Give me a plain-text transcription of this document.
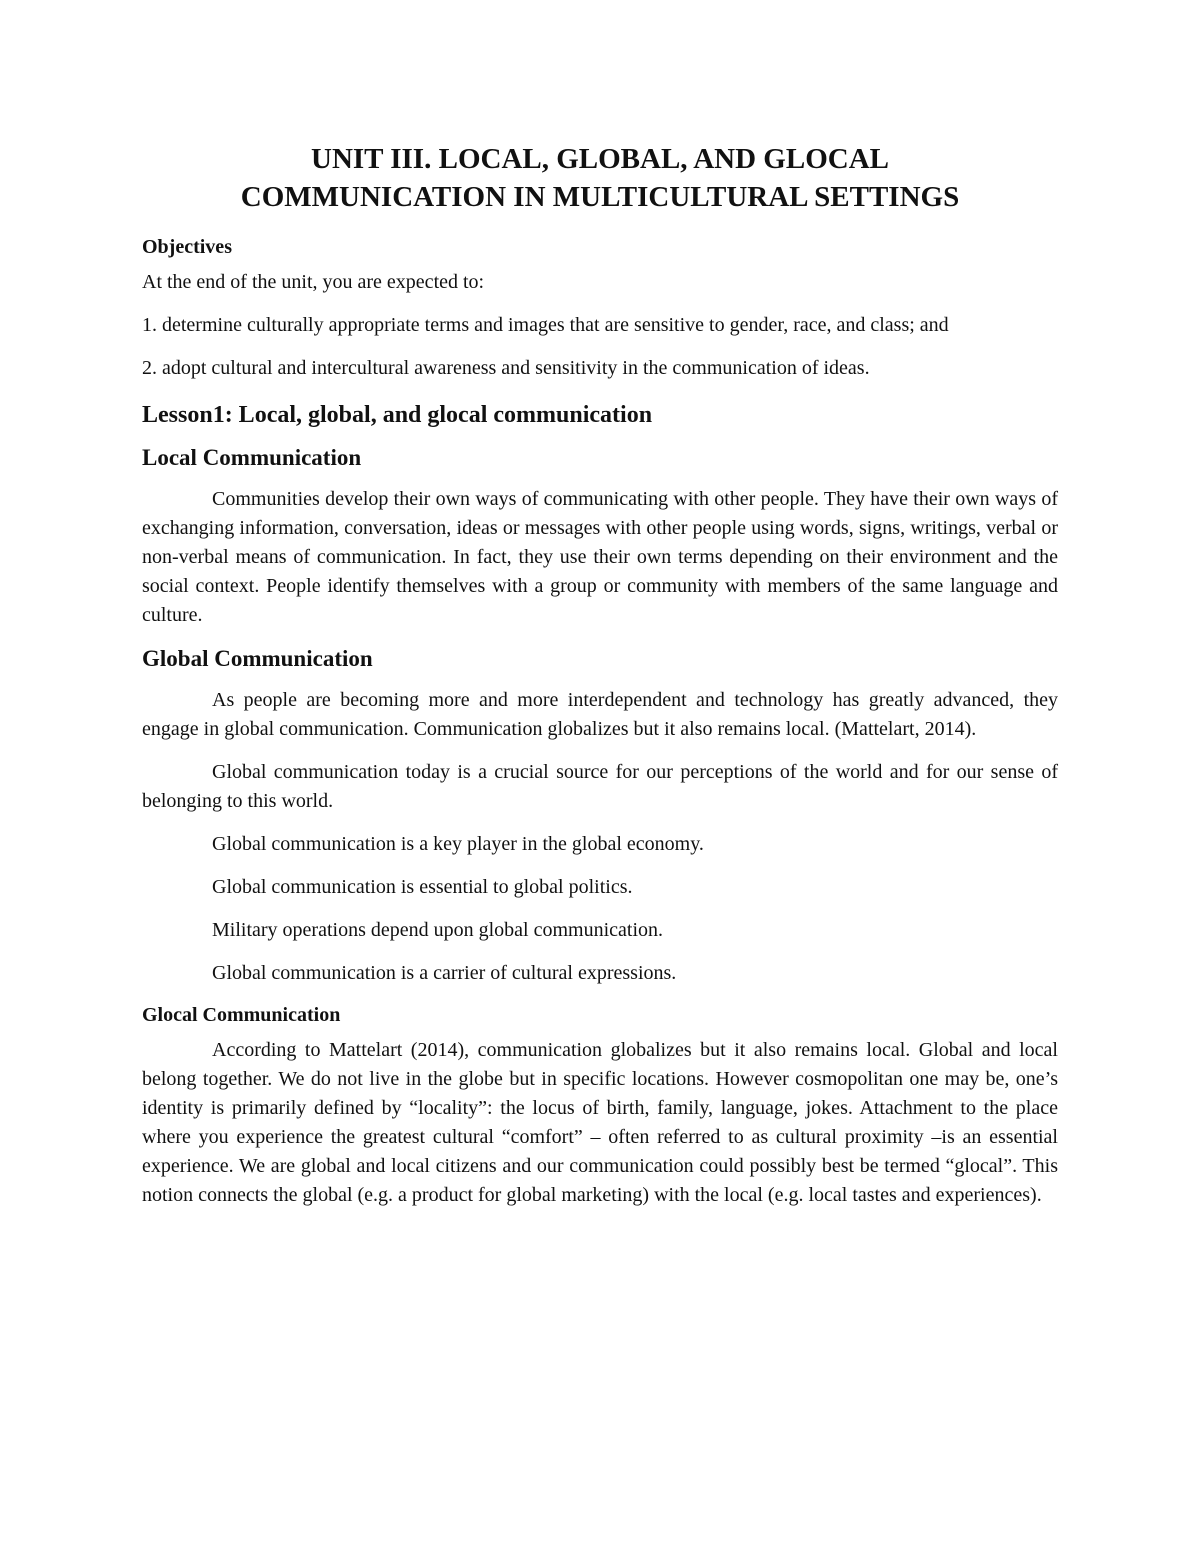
UNIT III. LOCAL, GLOBAL, AND GLOCAL
COMMUNICATION IN MULTICULTURAL SETTINGS
Objectives
At the end of the unit, you are expected to:
1. determine culturally appropriate terms and images that are sensitive to gender, race, and class; and
2. adopt cultural and intercultural awareness and sensitivity in the communication of ideas.
Lesson1: Local, global, and glocal communication
Local Communication
Communities develop their own ways of communicating with other people. They have their own ways of exchanging information, conversation, ideas or messages with other people using words, signs, writings, verbal or non-verbal means of communication. In fact, they use their own terms depending on their environment and the social context. People identify themselves with a group or community with members of the same language and culture.
Global Communication
As people are becoming more and more interdependent and technology has greatly advanced, they engage in global communication. Communication globalizes but it also remains local. (Mattelart, 2014).
Global communication today is a crucial source for our perceptions of the world and for our sense of belonging to this world.
Global communication is a key player in the global economy.
Global communication is essential to global politics.
Military operations depend upon global communication.
Global communication is a carrier of cultural expressions.
Glocal Communication
According to Mattelart (2014), communication globalizes but it also remains local. Global and local belong together. We do not live in the globe but in specific locations. However cosmopolitan one may be, one’s identity is primarily defined by “locality”: the locus of birth, family, language, jokes. Attachment to the place where you experience the greatest cultural “comfort” – often referred to as cultural proximity –is an essential experience. We are global and local citizens and our communication could possibly best be termed “glocal”. This notion connects the global (e.g. a product for global marketing) with the local (e.g. local tastes and experiences).
